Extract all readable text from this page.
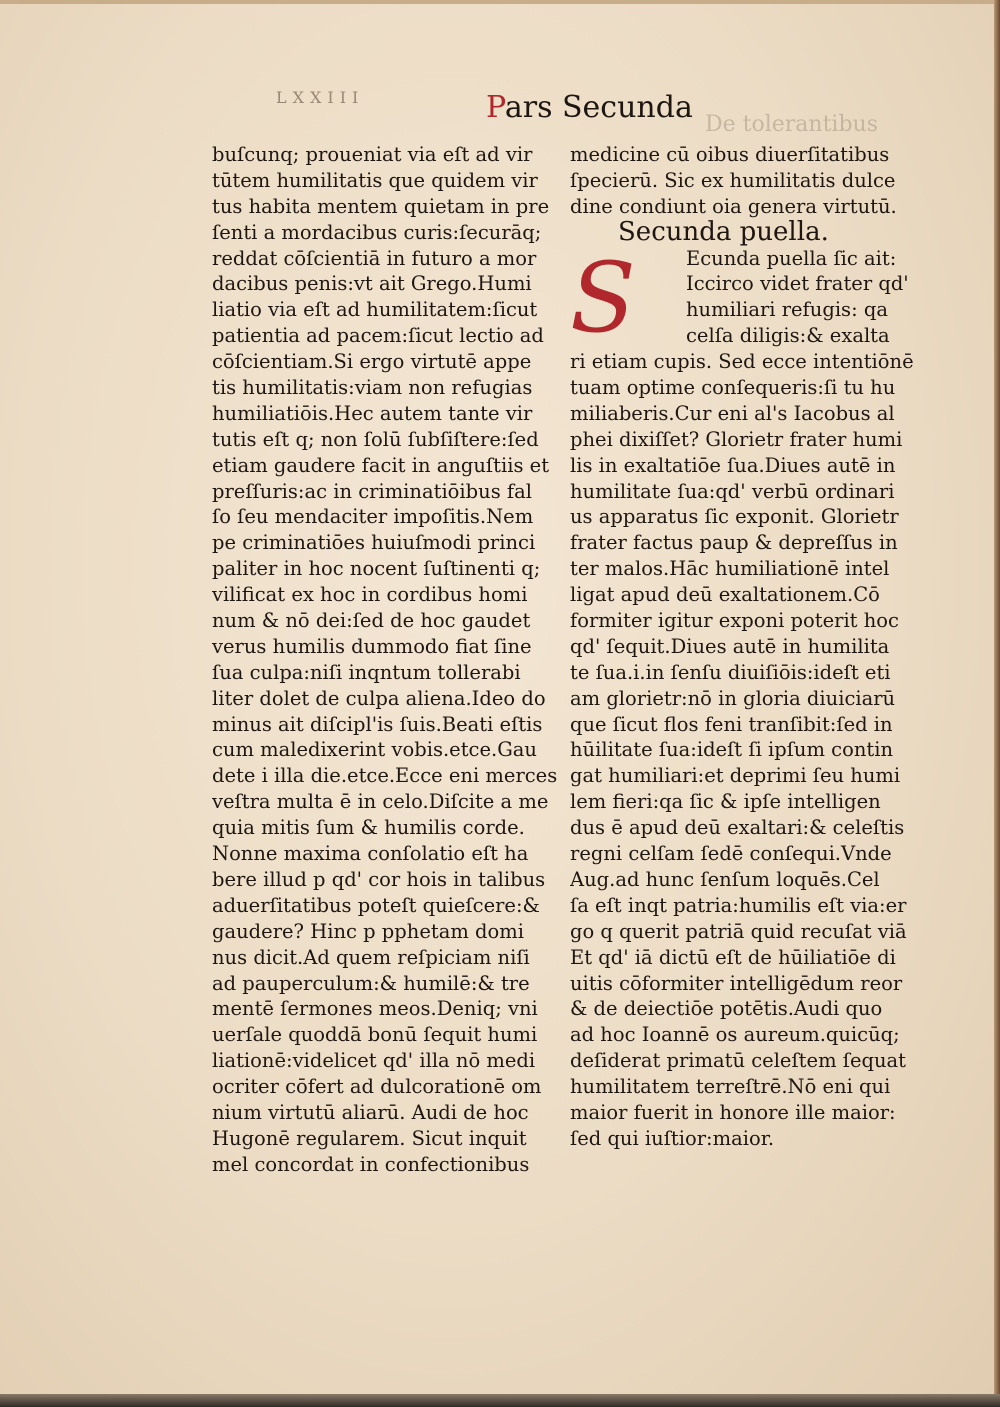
LXXIII	Pars Secunda De tolerantibus
S
buſcunq; proueniat via eſt ad vir
tūtem humilitatis que quidem vir
tus habita mentem quietam in pre
ſenti a mordacibus curis:ſecurāq;
reddat cōſcientiā in futuro a mor
dacibus penis:vt ait Grego.Humi
liatio via eſt ad humilitatem:ſicut
patientia ad pacem:ſicut lectio ad
cōſcientiam.Si ergo virtutē appe
tis humilitatis:viam non refugias
humiliatiōis.Hec autem tante vir
tutis eſt q; non ſolū ſubſiſtere:ſed
etiam gaudere facit in anguſtiis et
preſſuris:ac in criminatiōibus fal
ſo ſeu mendaciter impoſitis.Nem
pe criminatiōes huiuſmodi princi
paliter in hoc nocent ſuſtinenti q;
vilificat ex hoc in cordibus homi
num & nō dei:ſed de hoc gaudet
verus humilis dummodo fiat ſine
ſua culpa:niſi inqntum tollerabi
liter dolet de culpa aliena.Ideo do
minus ait diſcipl'is ſuis.Beati eſtis
cum maledixerint vobis.etce.Gau
dete i illa die.etce.Ecce eni merces
veſtra multa ē in celo.Diſcite a me
quia mitis ſum & humilis corde.
Nonne maxima conſolatio eſt ha
bere illud p qd' cor hois in talibus
aduerſitatibus poteſt quieſcere:&
gaudere? Hinc p pphetam domi
nus dicit.Ad quem reſpiciam niſi
ad pauperculum:& humilē:& tre
mentē ſermones meos.Deniq; vni
uerſale quoddā bonū ſequit humi
liationē:videlicet qd' illa nō medi
ocriter cōfert ad dulcorationē om
nium virtutū aliarū. Audi de hoc
Hugonē regularem. Sicut inquit
mel concordat in confectionibus
medicine cū oibus diuerſitatibus
ſpecierū. Sic ex humilitatis dulce
dine condiunt oia genera virtutū.
Secunda puella.
Ecunda puella ſic ait:
Iccirco videt frater qd'
humiliari refugis: qa
celſa diligis:& exalta
ri etiam cupis. Sed ecce intentiōnē
tuam optime conſequeris:ſi tu hu
miliaberis.Cur eni al's Iacobus al
phei dixiſſet? Glorietr frater humi
lis in exaltatiōe ſua.Diues autē in
humilitate ſua:qd' verbū ordinari
us apparatus ſic exponit. Glorietr
frater factus paup & depreſſus in
ter malos.Hāc humiliationē intel
ligat apud deū exaltationem.Cō
formiter igitur exponi poterit hoc
qd' ſequit.Diues autē in humilita
te ſua.i.in ſenſu diuiſiōis:ideſt eti
am glorietr:nō in gloria diuiciarū
que ſicut flos feni tranſibit:ſed in
hūilitate ſua:ideſt ſi ipſum contin
gat humiliari:et deprimi ſeu humi
lem fieri:qa ſic & ipſe intelligen
dus ē apud deū exaltari:& celeſtis
regni celſam ſedē conſequi.Vnde
Aug.ad hunc ſenſum loquēs.Cel
ſa eſt inqt patria:humilis eſt via:er
go q querit patriā quid recuſat viā
Et qd' iā dictū eſt de hūiliatiōe di
uitis cōformiter intelligēdum reor
& de deiectiōe potētis.Audi quo
ad hoc Ioannē os aureum.quicūq;
deſiderat primatū celeſtem ſequat
humilitatem terreſtrē.Nō eni qui
maior fuerit in honore ille maior:
ſed qui iuſtior:maior.
